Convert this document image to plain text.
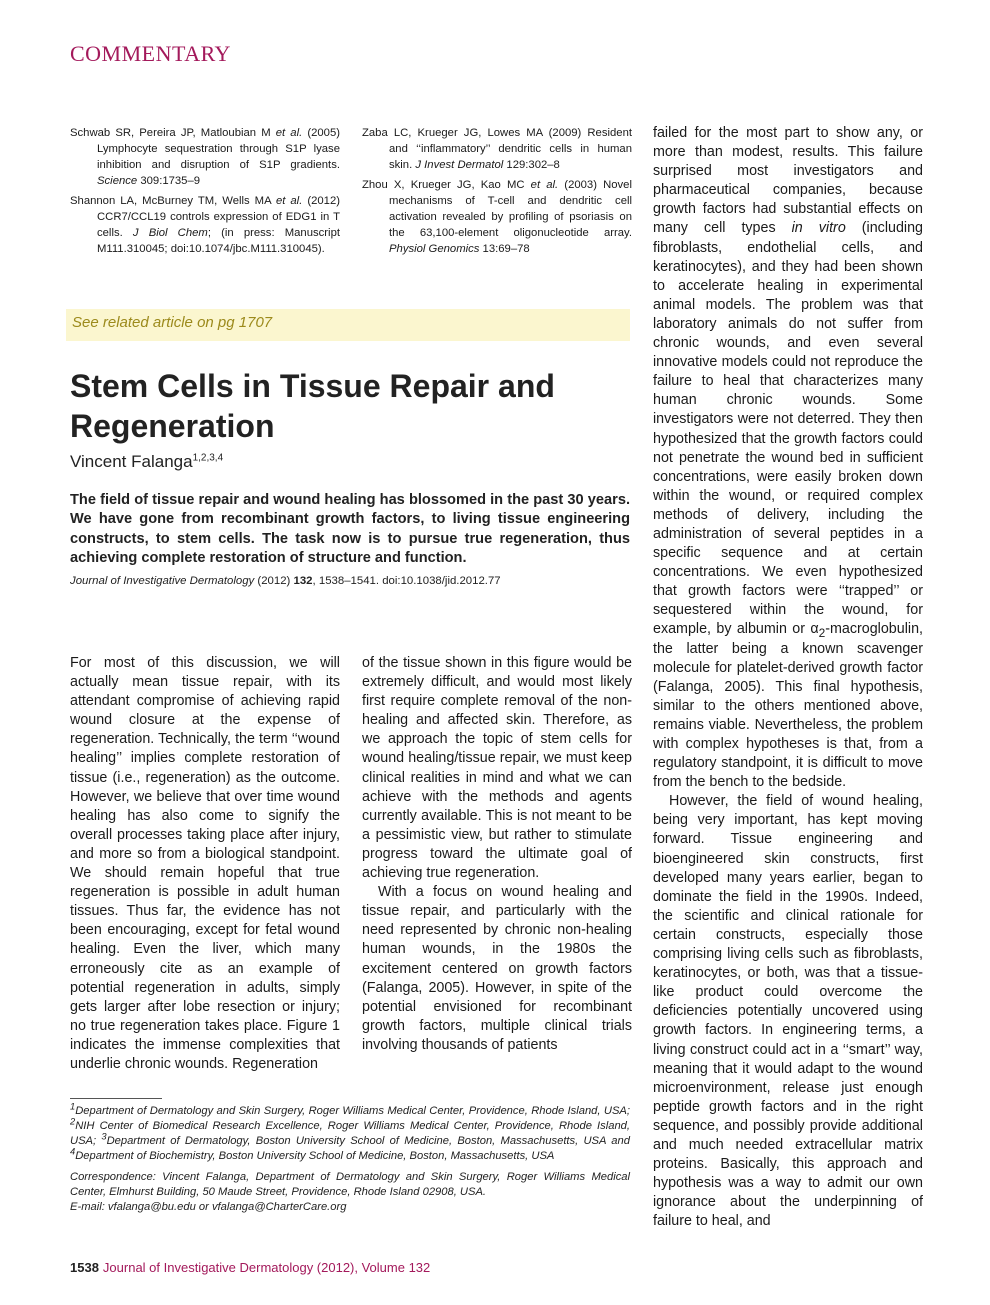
COMMENTARY

Schwab SR, Pereira JP, Matloubian M et al. (2005) Lymphocyte sequestration through S1P lyase inhibition and disruption of S1P gradients. Science 309:1735–9

Shannon LA, McBurney TM, Wells MA et al. (2012) CCR7/CCL19 controls expression of EDG1 in T cells. J Biol Chem; (in press: Manuscript M111.310045; doi:10.1074/jbc.M111.310045).

Zaba LC, Krueger JG, Lowes MA (2009) Resident and ‘‘inflammatory’’ dendritic cells in human skin. J Invest Dermatol 129:302–8

Zhou X, Krueger JG, Kao MC et al. (2003) Novel mechanisms of T-cell and dendritic cell activation revealed by profiling of psoriasis on the 63,100-element oligonucleotide array. Physiol Genomics 13:69–78

See related article on pg 1707
Stem Cells in Tissue Repair and Regeneration
Vincent Falanga$^{1,2,3,4}$

The field of tissue repair and wound healing has blossomed in the past 30 years. We have gone from recombinant growth factors, to living tissue engineering constructs, to stem cells. The task now is to pursue true regeneration, thus achieving complete restoration of structure and function.

Journal of Investigative Dermatology (2012) 132, 1538–1541. doi:10.1038/jid.2012.77

For most of this discussion, we will actually mean tissue repair, with its attendant compromise of achieving rapid wound closure at the expense of regeneration. Technically, the term ‘‘wound healing’’ implies complete restoration of tissue (i.e., regeneration) as the outcome. However, we believe that over time wound healing has also come to signify the overall processes taking place after injury, and more so from a biological standpoint. We should remain hopeful that true regeneration is possible in adult human tissues. Thus far, the evidence has not been encouraging, except for fetal wound healing. Even the liver, which many erroneously cite as an example of potential regeneration in adults, simply gets larger after lobe resection or injury; no true regeneration takes place. Figure 1 indicates the immense complexities that underlie chronic wounds. Regeneration

of the tissue shown in this figure would be extremely difficult, and would most likely first require complete removal of the non-healing and affected skin. Therefore, as we approach the topic of stem cells for wound healing/tissue repair, we must keep clinical realities in mind and what we can achieve with the methods and agents currently available. This is not meant to be a pessimistic view, but rather to stimulate progress toward the ultimate goal of achieving true regeneration.

With a focus on wound healing and tissue repair, and particularly with the need represented by chronic non-healing human wounds, in the 1980s the excitement centered on growth factors (Falanga, 2005). However, in spite of the potential envisioned for recombinant growth factors, multiple clinical trials involving thousands of patients

failed for the most part to show any, or more than modest, results. This failure surprised most investigators and pharmaceutical companies, because growth factors had substantial effects on many cell types in vitro (including fibroblasts, endothelial cells, and keratinocytes), and they had been shown to accelerate healing in experimental animal models. The problem was that laboratory animals do not suffer from chronic wounds, and even several innovative models could not reproduce the failure to heal that characterizes many human chronic wounds. Some investigators were not deterred. They then hypothesized that the growth factors could not penetrate the wound bed in sufficient concentrations, were easily broken down within the wound, or required complex methods of delivery, including the administration of several peptides in a specific sequence and at certain concentrations. We even hypothesized that growth factors were ‘‘trapped’’ or sequestered within the wound, for example, by albumin or $\alpha_2$-macroglobulin, the latter being a known scavenger molecule for platelet-derived growth factor (Falanga, 2005). This final hypothesis, similar to the others mentioned above, remains viable. Nevertheless, the problem with complex hypotheses is that, from a regulatory standpoint, it is difficult to move from the bench to the bedside.

However, the field of wound healing, being very important, has kept moving forward. Tissue engineering and bioengineered skin constructs, first developed many years earlier, began to dominate the field in the 1990s. Indeed, the scientific and clinical rationale for certain constructs, especially those comprising living cells such as fibroblasts, keratinocytes, or both, was that a tissue-like product could overcome the deficiencies potentially uncovered using growth factors. In engineering terms, a living construct could act in a ‘‘smart’’ way, meaning that it would adapt to the wound microenvironment, release just enough peptide growth factors and in the right sequence, and possibly provide additional and much needed extracellular matrix proteins. Basically, this approach and hypothesis was a way to admit our own ignorance about the underpinning of failure to heal, and

$^1$Department of Dermatology and Skin Surgery, Roger Williams Medical Center, Providence, Rhode Island, USA; $^2$NIH Center of Biomedical Research Excellence, Roger Williams Medical Center, Providence, Rhode Island, USA; $^3$Department of Dermatology, Boston University School of Medicine, Boston, Massachusetts, USA and $^4$Department of Biochemistry, Boston University School of Medicine, Boston, Massachusetts, USA

Correspondence: Vincent Falanga, Department of Dermatology and Skin Surgery, Roger Williams Medical Center, Elmhurst Building, 50 Maude Street, Providence, Rhode Island 02908, USA.

E-mail: vfalanga@bu.edu or vfalanga@CharterCare.org

1538 Journal of Investigative Dermatology (2012), Volume 132
